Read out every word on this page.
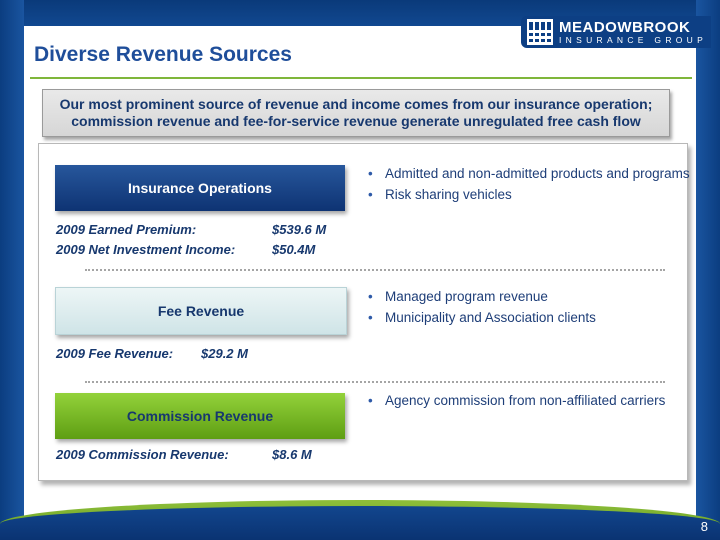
MEADOWBROOK
INSURANCE GROUP
Diverse Revenue Sources
Our most prominent source of revenue and income comes from our insurance operation; commission revenue and fee-for-service revenue generate unregulated free cash flow
Insurance Operations
2009 Earned Premium:	$539.6 M
2009 Net Investment Income:	$50.4M
• Admitted and non-admitted products and programs
• Risk sharing vehicles
Fee Revenue
2009 Fee Revenue: $29.2 M
• Managed program revenue
• Municipality and Association clients
Commission Revenue
2009 Commission Revenue:	$8.6 M
• Agency commission from non-affiliated carriers
8
